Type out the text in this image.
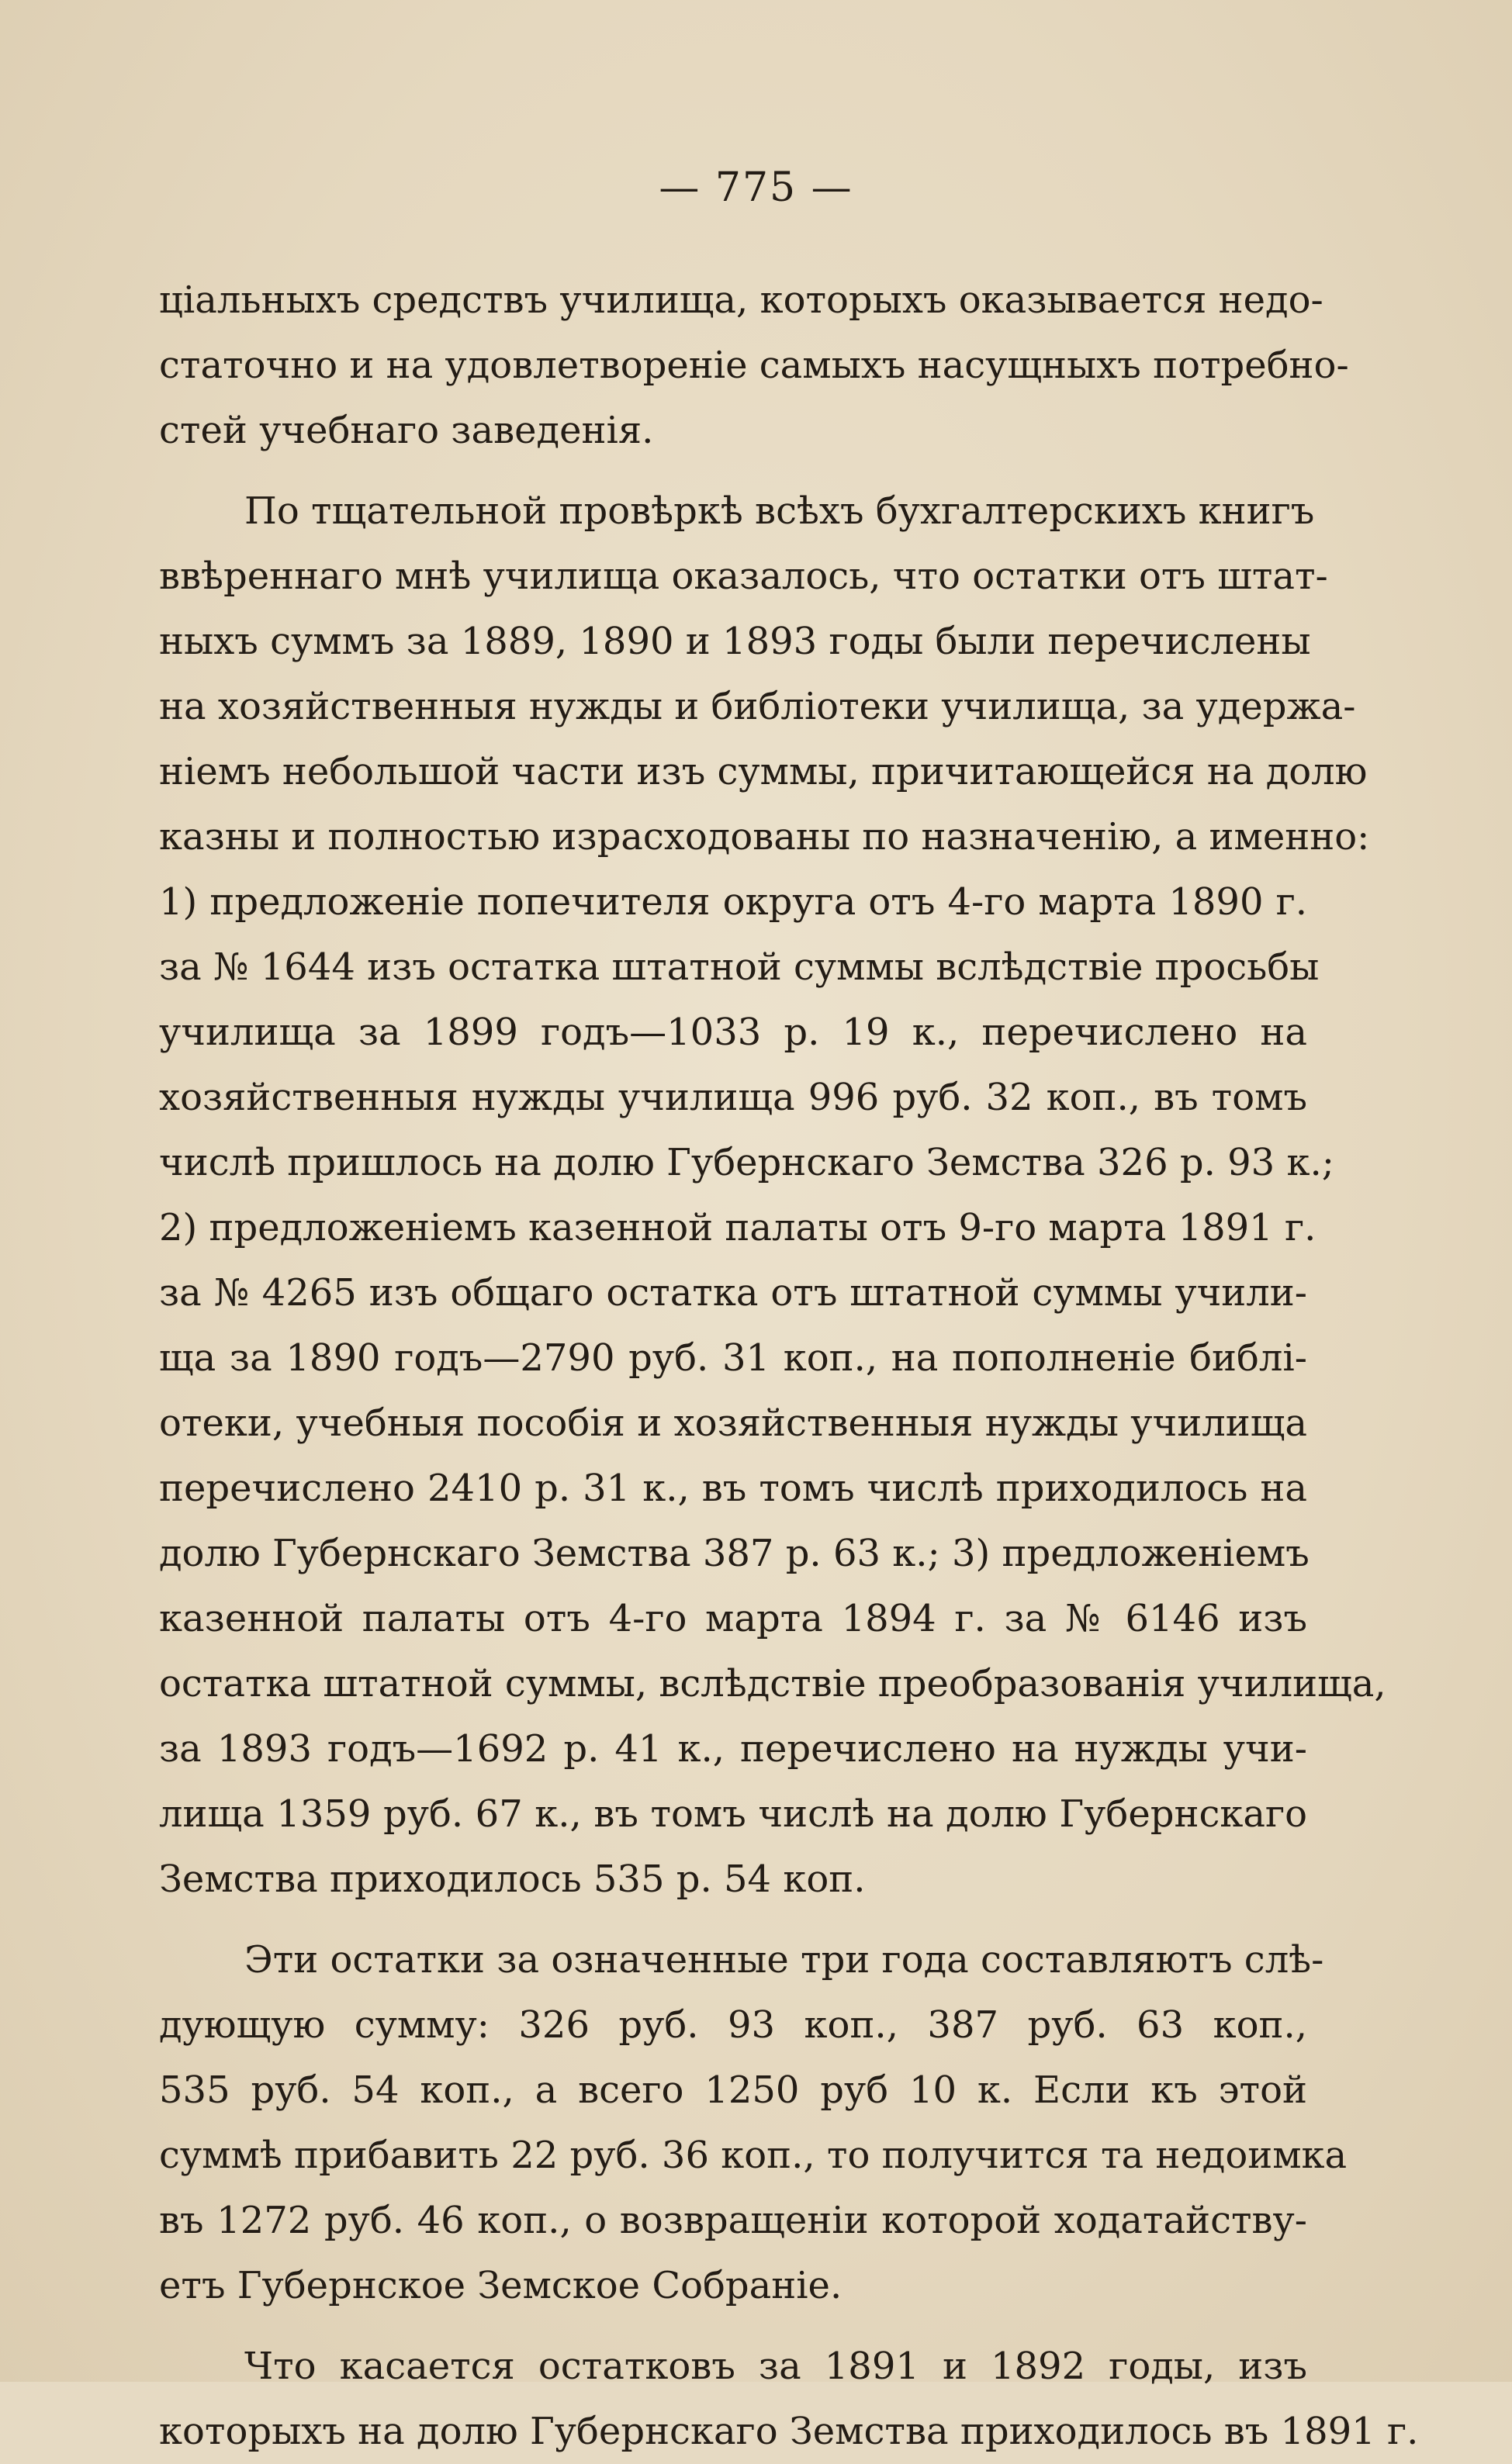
— 775 —
ціальныхъ средствъ училища, которыхъ оказывается недо-
статочно и на удовлетвореніе самыхъ насущныхъ потребно-
стей учебнаго заведенія.
По тщательной провѣркѣ всѣхъ бухгалтерскихъ книгъ
ввѣреннаго мнѣ училища оказалось, что остатки отъ штат-
ныхъ суммъ за 1889, 1890 и 1893 годы были перечислены
на хозяйственныя нужды и библіотеки училища, за удержа-
ніемъ небольшой части изъ суммы, причитающейся на долю
казны и полностью израсходованы по назначенію, а именно:
1) предложеніе попечителя округа отъ 4-го марта 1890 г.
за № 1644 изъ остатка штатной суммы вслѣдствіе просьбы
училища за 1899 годъ—1033 р. 19 к., перечислено на
хозяйственныя нужды училища 996 руб. 32 коп., въ томъ
числѣ пришлось на долю Губернскаго Земства 326 р. 93 к.;
2) предложеніемъ казенной палаты отъ 9-го марта 1891 г.
за № 4265 изъ общаго остатка отъ штатной суммы учили-
ща за 1890 годъ—2790 руб. 31 коп., на пополненіе библі-
отеки, учебныя пособія и хозяйственныя нужды училища
перечислено 2410 р. 31 к., въ томъ числѣ приходилось на
долю Губернскаго Земства 387 р. 63 к.; 3) предложеніемъ
казенной палаты отъ 4-го марта 1894 г. за № 6146 изъ
остатка штатной суммы, вслѣдствіе преобразованія училища,
за 1893 годъ—1692 р. 41 к., перечислено на нужды учи-
лища 1359 руб. 67 к., въ томъ числѣ на долю Губернскаго
Земства приходилось 535 р. 54 коп.
Эти остатки за означенные три года составляютъ слѣ-
дующую сумму: 326 руб. 93 коп., 387 руб. 63 коп.,
535 руб. 54 коп., а всего 1250 руб 10 к. Если къ этой
суммѣ прибавить 22 руб. 36 коп., то получится та недоимка
въ 1272 руб. 46 коп., о возвращеніи которой ходатайству-
етъ Губернское Земское Собраніе.
Что касается остатковъ за 1891 и 1892 годы, изъ
которыхъ на долю Губернскаго Земства приходилось въ 1891 г.
